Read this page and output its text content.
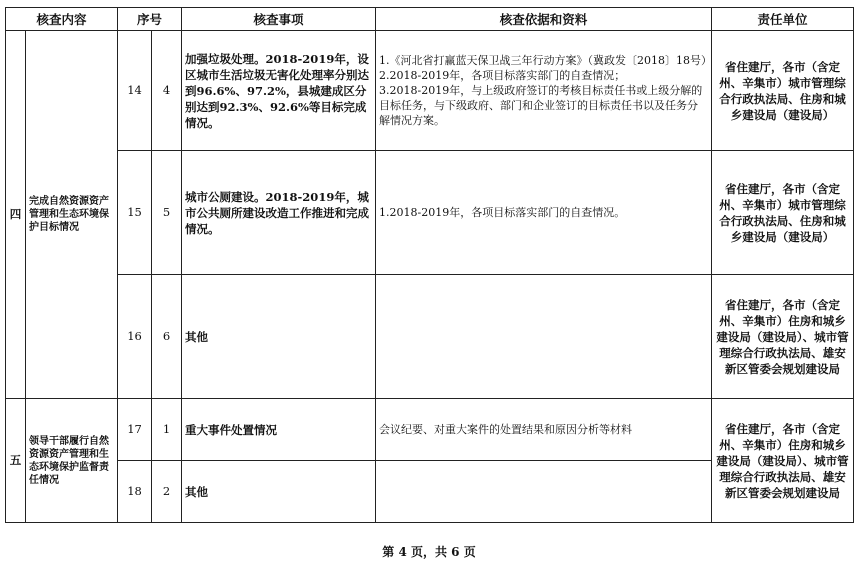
核查内容		序号		核查事项	核查依据和资料	责任单位
四	完成自然资源资产管理和生态环境保护目标情况	14	4	加强垃圾处理。2018-2019年，设区城市生活垃圾无害化处理率分别达到96.6%、97.2%，县城建成区分别达到92.3%、92.6%等目标完成情况。	1.《河北省打赢蓝天保卫战三年行动方案》（冀政发〔2018〕18号）
2.2018-2019年，各项目标落实部门的自查情况；
3.2018-2019年，与上级政府签订的考核目标责任书或上级分解的目标任务，与下级政府、部门和企业签订的目标责任书以及任务分解情况方案。	省住建厅，各市（含定州、辛集市）城市管理综合行政执法局、住房和城乡建设局（建设局）
		15	5	城市公厕建设。2018-2019年，城市公共厕所建设改造工作推进和完成情况。	1.2018-2019年，各项目标落实部门的自查情况。	省住建厅，各市（含定州、辛集市）城市管理综合行政执法局、住房和城乡建设局（建设局）
		16	6	其他		省住建厅，各市（含定州、辛集市）住房和城乡建设局（建设局）、城市管理综合行政执法局、雄安新区管委会规划建设局
五	领导干部履行自然资源资产管理和生态环境保护监督责任情况	17	1	重大事件处置情况	会议纪要、对重大案件的处置结果和原因分析等材料	省住建厅，各市（含定州、辛集市）住房和城乡建设局（建设局）、城市管理综合行政执法局、雄安新区管委会规划建设局
		18	2	其他		
第 4 页，共 6 页
